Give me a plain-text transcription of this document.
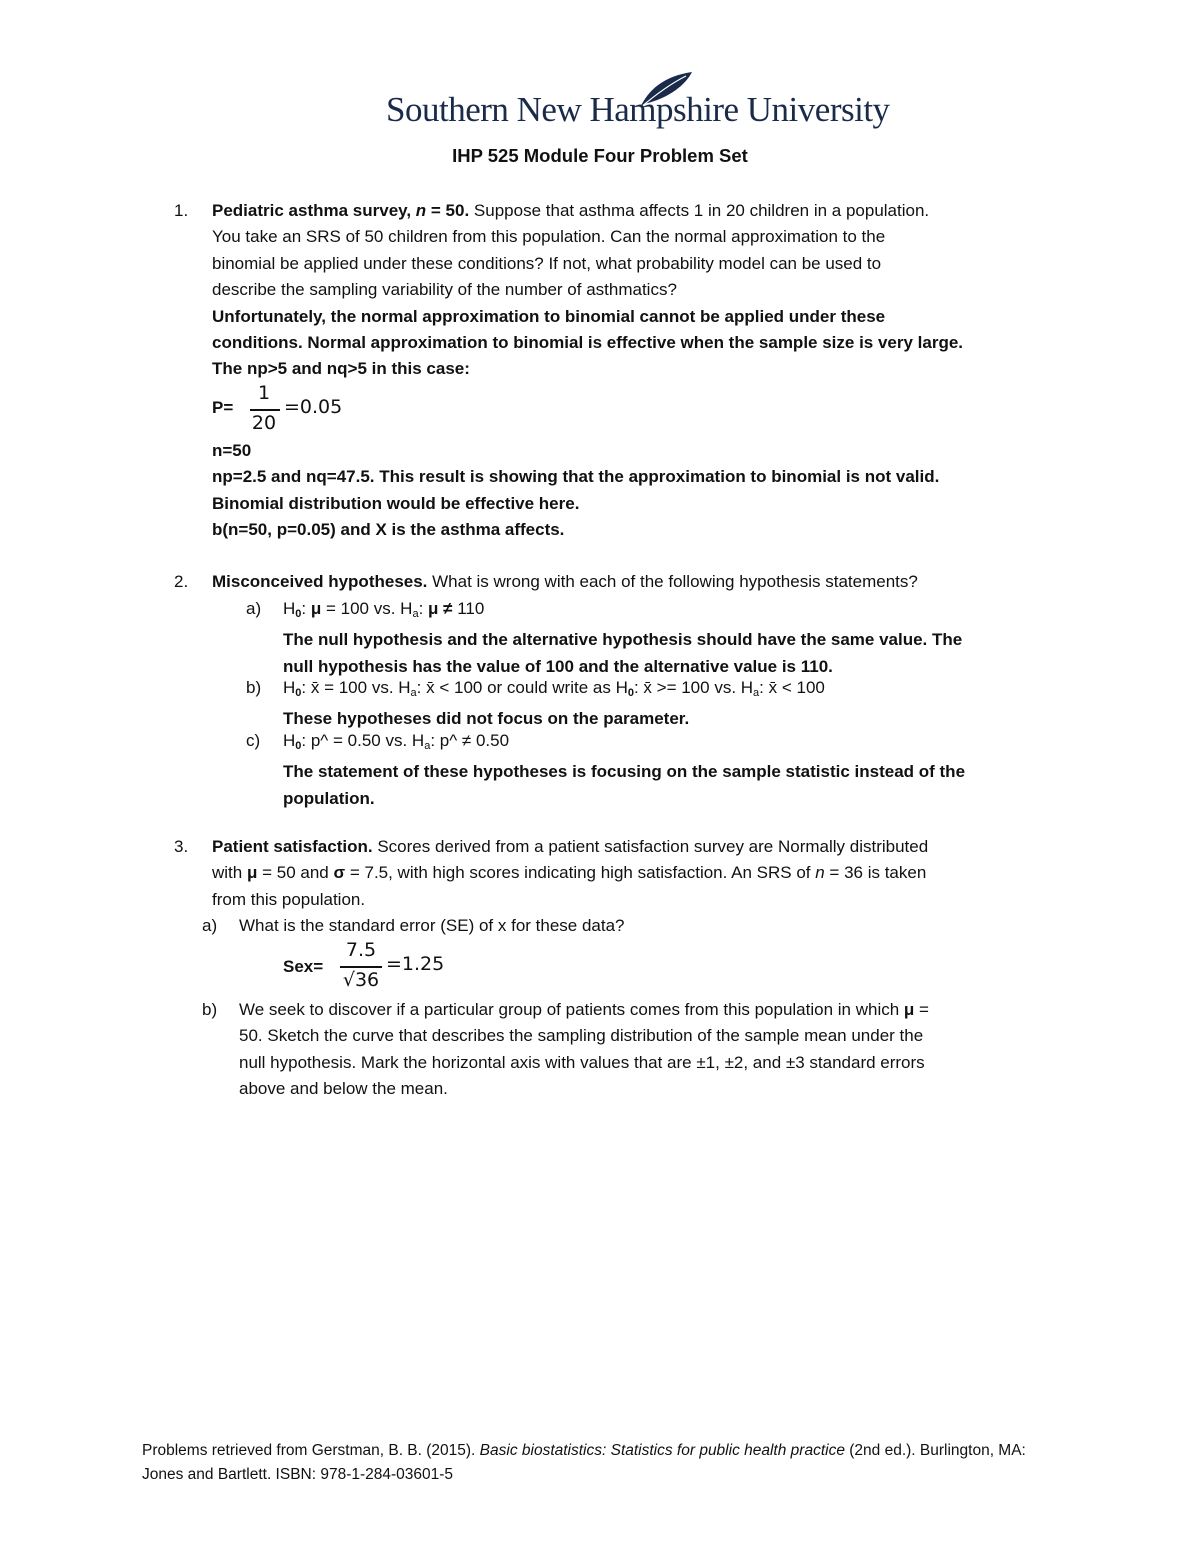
Southern New Hampshire University
IHP 525 Module Four Problem Set
1. Pediatric asthma survey, n = 50. Suppose that asthma affects 1 in 20 children in a population.
You take an SRS of 50 children from this population. Can the normal approximation to the
binomial be applied under these conditions? If not, what probability model can be used to
describe the sampling variability of the number of asthmatics?
Unfortunately, the normal approximation to binomial cannot be applied under these
conditions. Normal approximation to binomial is effective when the sample size is very large.
The np>5 and nq>5 in this case:
P=
1
20
=0.05
n=50
np=2.5 and nq=47.5. This result is showing that the approximation to binomial is not valid.
Binomial distribution would be effective here.
b(n=50, p=0.05) and X is the asthma affects.
2. Misconceived hypotheses. What is wrong with each of the following hypothesis statements?
a) $H_0$: μ = 100 vs. $H_a$: μ ≠ 110
The null hypothesis and the alternative hypothesis should have the same value. The
null hypothesis has the value of 100 and the alternative value is 110.
b) $H_0$: x̄ = 100 vs. $H_a$: x̄ < 100 or could write as $H_0$: x̄ >= 100 vs. $H_a$: x̄ < 100
These hypotheses did not focus on the parameter.
c) $H_0$: p^ = 0.50 vs. $H_a$: p^ ≠ 0.50
The statement of these hypotheses is focusing on the sample statistic instead of the
population.
3. Patient satisfaction. Scores derived from a patient satisfaction survey are Normally distributed
with μ = 50 and σ = 7.5, with high scores indicating high satisfaction. An SRS of n = 36 is taken
from this population.
a) What is the standard error (SE) of x for these data?
Sex=
7.5
√36
=1.25
b) We seek to discover if a particular group of patients comes from this population in which μ =
50. Sketch the curve that describes the sampling distribution of the sample mean under the
null hypothesis. Mark the horizontal axis with values that are ±1, ±2, and ±3 standard errors
above and below the mean.
Problems retrieved from Gerstman, B. B. (2015). Basic biostatistics: Statistics for public health practice (2nd ed.). Burlington, MA:
Jones and Bartlett. ISBN: 978-1-284-03601-5
